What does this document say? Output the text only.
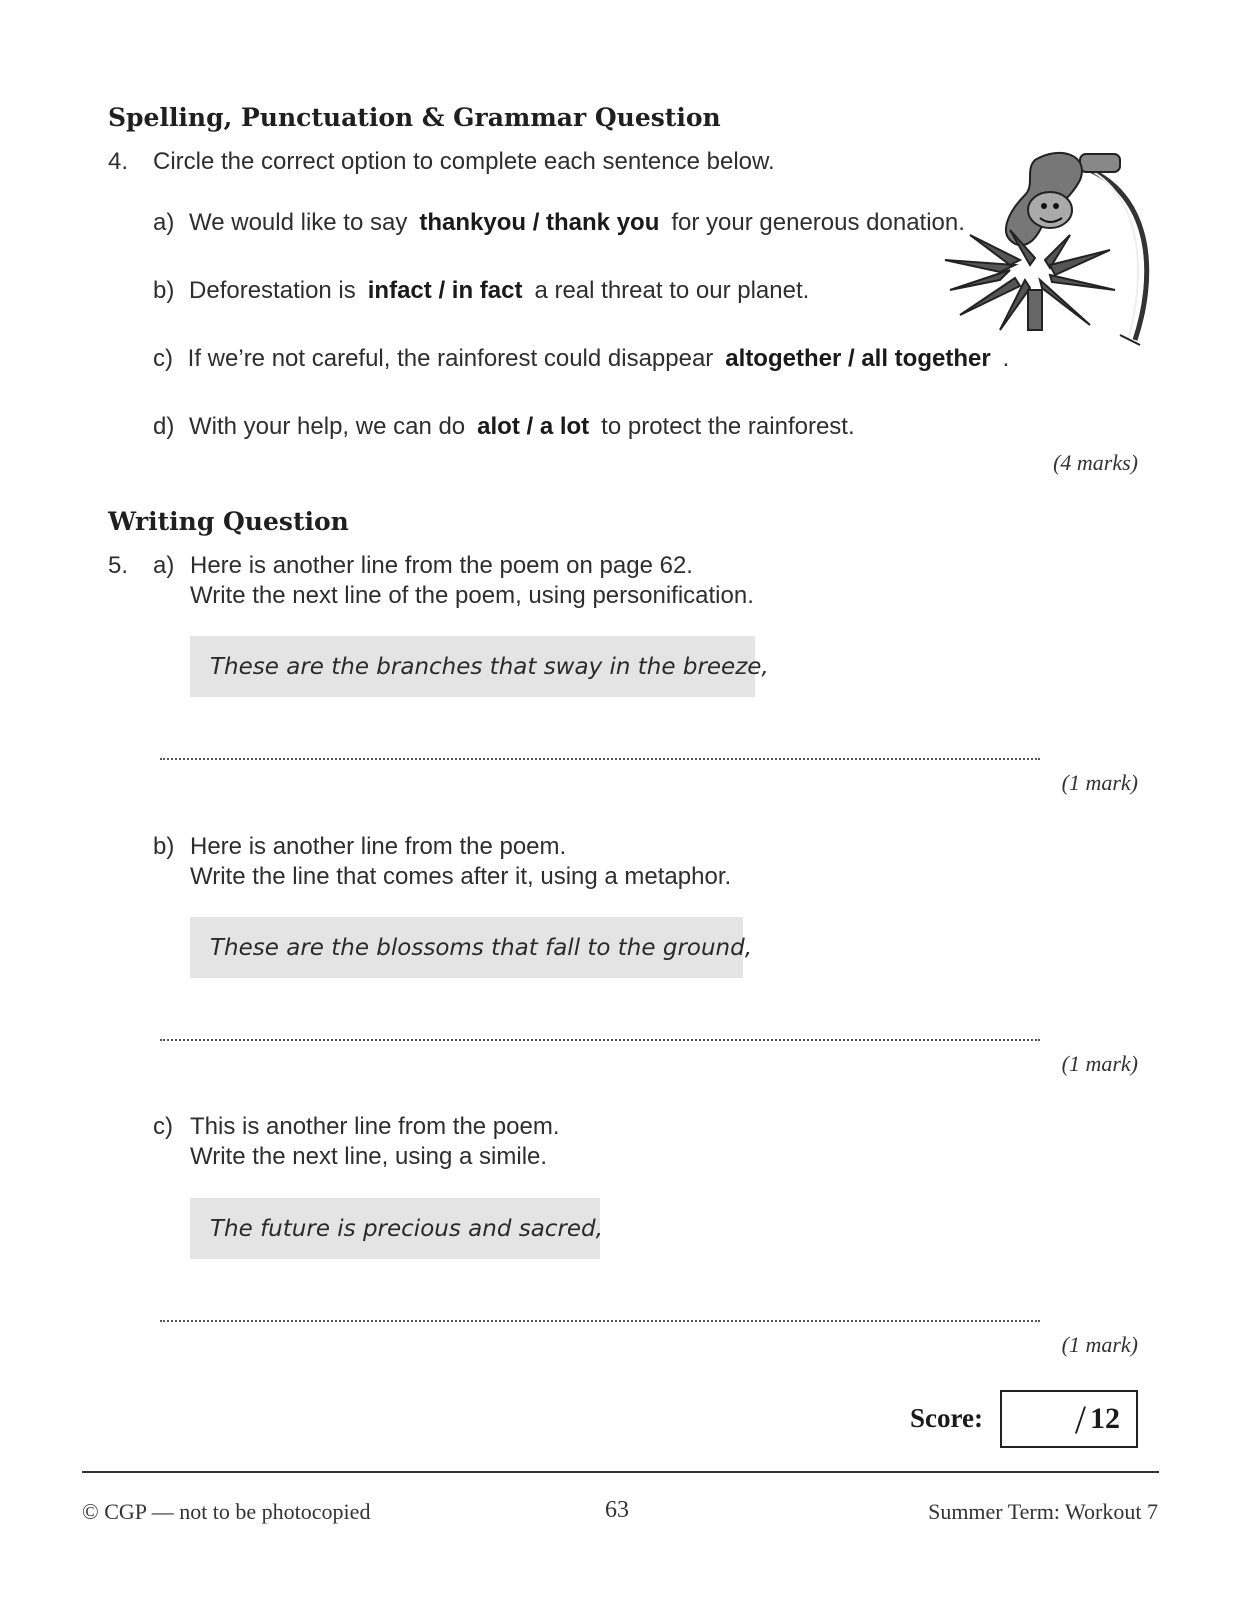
Spelling, Punctuation & Grammar Question
4. Circle the correct option to complete each sentence below.
a) We would like to say thankyou / thank you for your generous donation.
b) Deforestation is infact / in fact a real threat to our planet.
c) If we’re not careful, the rainforest could disappear altogether / all together .
d) With your help, we can do alot / a lot to protect the rainforest.
(4 marks)
Writing Question
5. a) Here is another line from the poem on page 62.
Write the next line of the poem, using personification.
These are the branches that sway in the breeze,
(1 mark)
b) Here is another line from the poem.
Write the line that comes after it, using a metaphor.
These are the blossoms that fall to the ground,
(1 mark)
c) This is another line from the poem.
Write the next line, using a simile.
The future is precious and sacred,
(1 mark)
Score: / 12
© CGP — not to be photocopied	63	Summer Term: Workout 7
